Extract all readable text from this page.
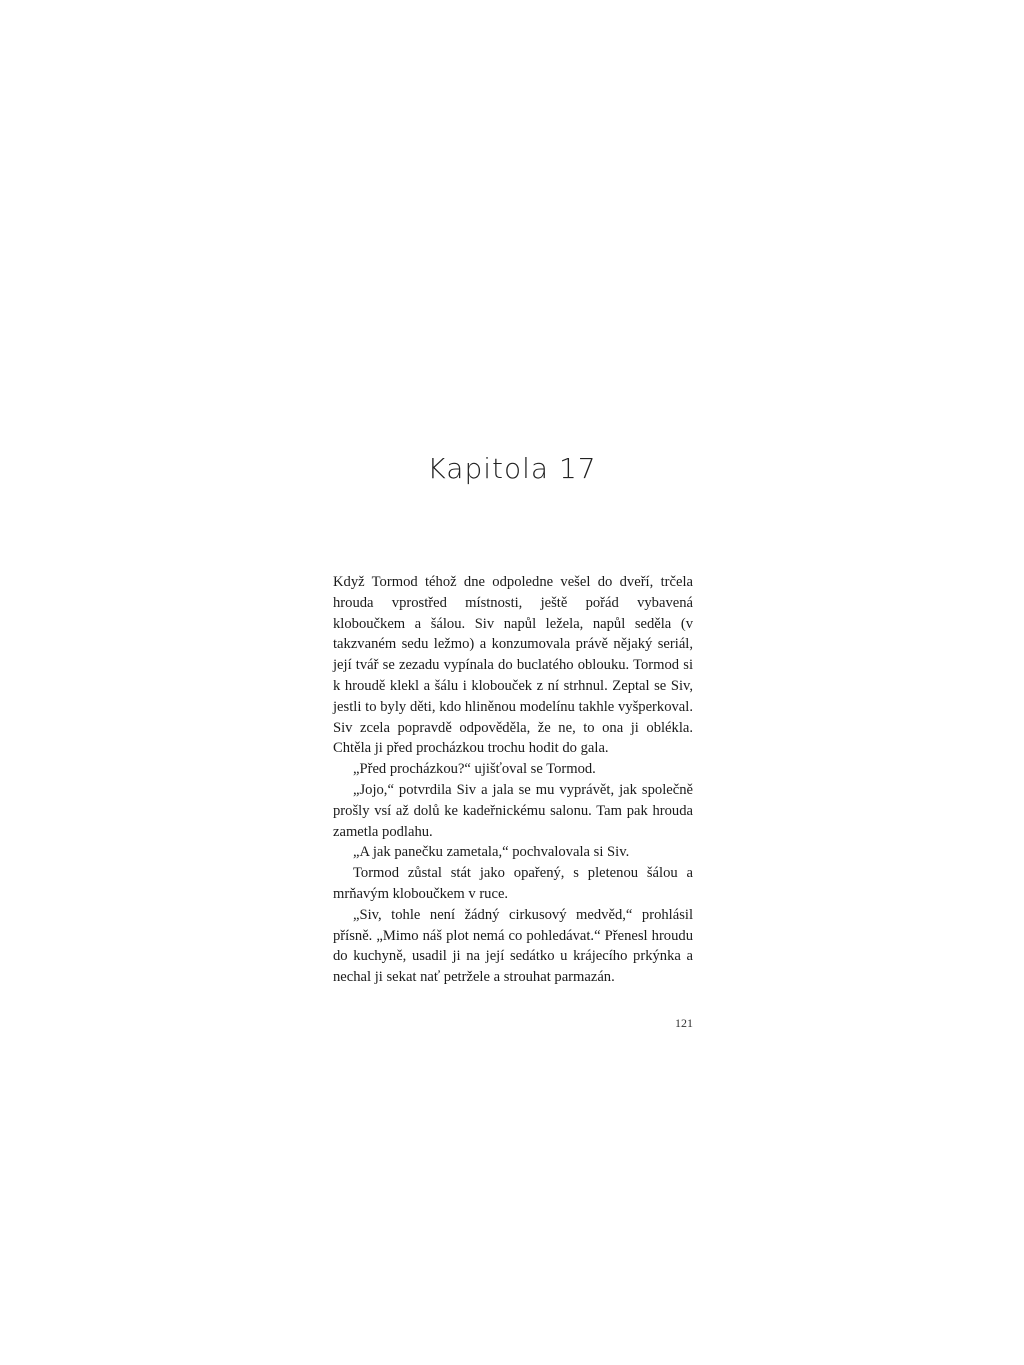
Kapitola 17

Když Tormod téhož dne odpoledne vešel do dveří, trčela hrouda vprostřed místnosti, ještě pořád vybavená kloboučkem a šálou. Siv napůl ležela, napůl seděla (v takzvaném sedu ležmo) a konzumovala právě nějaký seriál, její tvář se zezadu vypínala do buclatého oblouku. Tormod si k hroudě klekl a šálu i klobouček z ní strhnul. Zeptal se Siv, jestli to byly děti, kdo hliněnou modelínu takhle vyšperkoval. Siv zcela popravdě odpověděla, že ne, to ona ji oblékla. Chtěla ji před procházkou trochu hodit do gala.

„Před procházkou?“ ujišťoval se Tormod.

„Jojo,“ potvrdila Siv a jala se mu vyprávět, jak společně prošly vsí až dolů ke kadeřnickému salonu. Tam pak hrouda zametla podlahu.

„A jak panečku zametala,“ pochvalovala si Siv.

Tormod zůstal stát jako opařený, s pletenou šálou a mrňavým kloboučkem v ruce.

„Siv, tohle není žádný cirkusový medvěd,“ prohlásil přísně. „Mimo náš plot nemá co pohledávat.“ Přenesl hroudu do kuchyně, usadil ji na její sedátko u krájecího prkýnka a nechal ji sekat nať petržele a strouhat parmazán.

121
